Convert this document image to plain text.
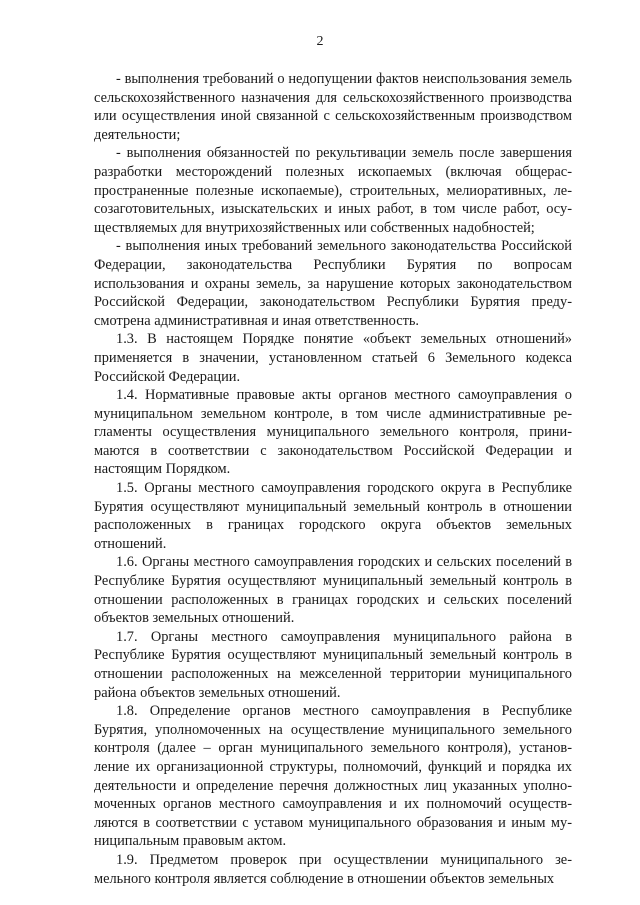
2

- выполнения требований о недопущении фактов неиспользования земель сельскохозяйственного назначения для сельскохозяйственного производства или осуществления иной связанной с сельскохозяйственным производством деятельности;

- выполнения обязанностей по рекультивации земель после завершения разработки месторождений полезных ископаемых (включая общераспространенные полезные ископаемые), строительных, мелиоративных, лесозаготовительных, изыскательских и иных работ, в том числе работ, осуществляемых для внутрихозяйственных или собственных надобностей;

- выполнения иных требований земельного законодательства Российской Федерации, законодательства Республики Бурятия по вопросам использования и охраны земель, за нарушение которых законодательством Российской Федерации, законодательством Республики Бурятия предусмотрена административная и иная ответственность.

1.3. В настоящем Порядке понятие «объект земельных отношений» применяется в значении, установленном статьей 6 Земельного кодекса Российской Федерации.

1.4. Нормативные правовые акты органов местного самоуправления о муниципальном земельном контроле, в том числе административные регламенты осуществления муниципального земельного контроля, принимаются в соответствии с законодательством Российской Федерации и настоящим Порядком.

1.5. Органы местного самоуправления городского округа в Республике Бурятия осуществляют муниципальный земельный контроль в отношении расположенных в границах городского округа объектов земельных отношений.

1.6. Органы местного самоуправления городских и сельских поселений в Республике Бурятия осуществляют муниципальный земельный контроль в отношении расположенных в границах городских и сельских поселений объектов земельных отношений.

1.7. Органы местного самоуправления муниципального района в Республике Бурятия осуществляют муниципальный земельный контроль в отношении расположенных на межселенной территории муниципального района объектов земельных отношений.

1.8. Определение органов местного самоуправления в Республике Бурятия, уполномоченных на осуществление муниципального земельного контроля (далее – орган муниципального земельного контроля), установление их организационной структуры, полномочий, функций и порядка их деятельности и определение перечня должностных лиц указанных уполномоченных органов местного самоуправления и их полномочий осуществляются в соответствии с уставом муниципального образования и иным муниципальным правовым актом.

1.9. Предметом проверок при осуществлении муниципального земельного контроля является соблюдение в отношении объектов земельных
